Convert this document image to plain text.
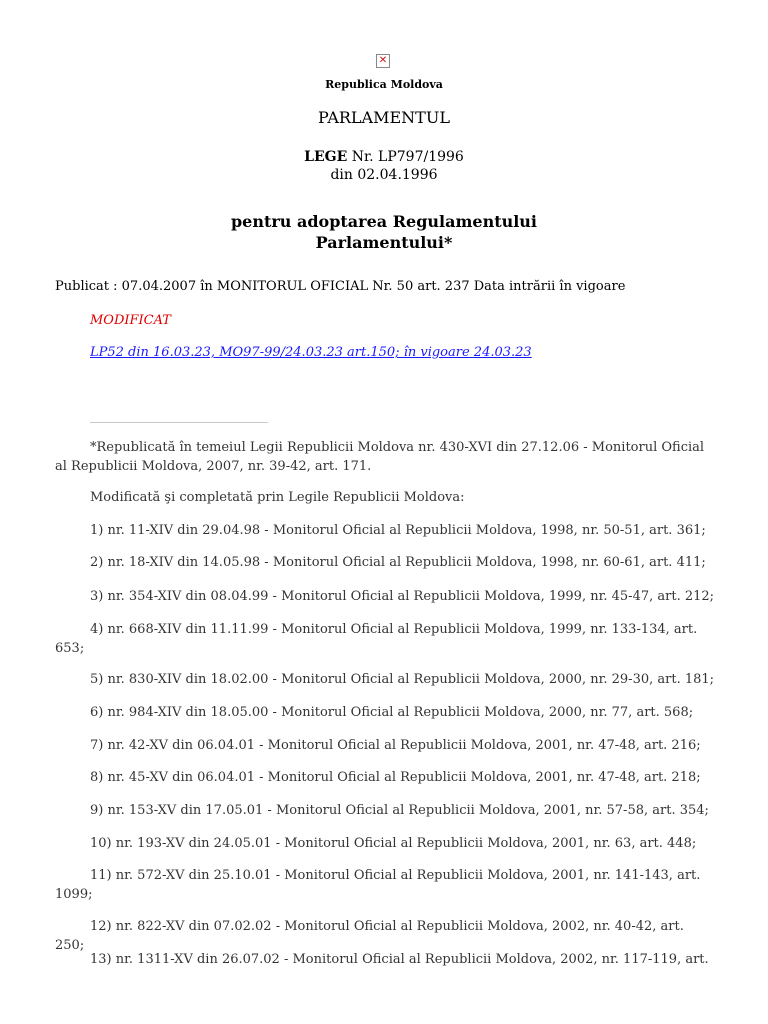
✕
Republica Moldova
PARLAMENTUL
LEGE Nr. LP797/1996
din 02.04.1996
pentru adoptarea Regulamentului
Parlamentului*
Publicat : 07.04.2007 în MONITORUL OFICIAL Nr. 50 art. 237 Data intrării în vigoare
MODIFICAT
LP52 din 16.03.23, MO97-99/24.03.23 art.150; în vigoare 24.03.23

*Republicată în temeiul Legii Republicii Moldova nr. 430-XVI din 27.12.06 - Monitorul Oficial al Republicii Moldova, 2007, nr. 39-42, art. 171.

Modificată şi completată prin Legile Republicii Moldova:

1) nr. 11-XIV din 29.04.98 - Monitorul Oficial al Republicii Moldova, 1998, nr. 50-51, art. 361;

2) nr. 18-XIV din 14.05.98 - Monitorul Oficial al Republicii Moldova, 1998, nr. 60-61, art. 411;

3) nr. 354-XIV din 08.04.99 - Monitorul Oficial al Republicii Moldova, 1999, nr. 45-47, art. 212;

4) nr. 668-XIV din 11.11.99 - Monitorul Oficial al Republicii Moldova, 1999, nr. 133-134, art. 653;

5) nr. 830-XIV din 18.02.00 - Monitorul Oficial al Republicii Moldova, 2000, nr. 29-30, art. 181;

6) nr. 984-XIV din 18.05.00 - Monitorul Oficial al Republicii Moldova, 2000, nr. 77, art. 568;

7) nr. 42-XV din 06.04.01 - Monitorul Oficial al Republicii Moldova, 2001, nr. 47-48, art. 216;

8) nr. 45-XV din 06.04.01 - Monitorul Oficial al Republicii Moldova, 2001, nr. 47-48, art. 218;

9) nr. 153-XV din 17.05.01 - Monitorul Oficial al Republicii Moldova, 2001, nr. 57-58, art. 354;

10) nr. 193-XV din 24.05.01 - Monitorul Oficial al Republicii Moldova, 2001, nr. 63, art. 448;

11) nr. 572-XV din 25.10.01 - Monitorul Oficial al Republicii Moldova, 2001, nr. 141-143, art. 1099;

12) nr. 822-XV din 07.02.02 - Monitorul Oficial al Republicii Moldova, 2002, nr. 40-42, art. 250;

13) nr. 1311-XV din 26.07.02 - Monitorul Oficial al Republicii Moldova, 2002, nr. 117-119, art.
